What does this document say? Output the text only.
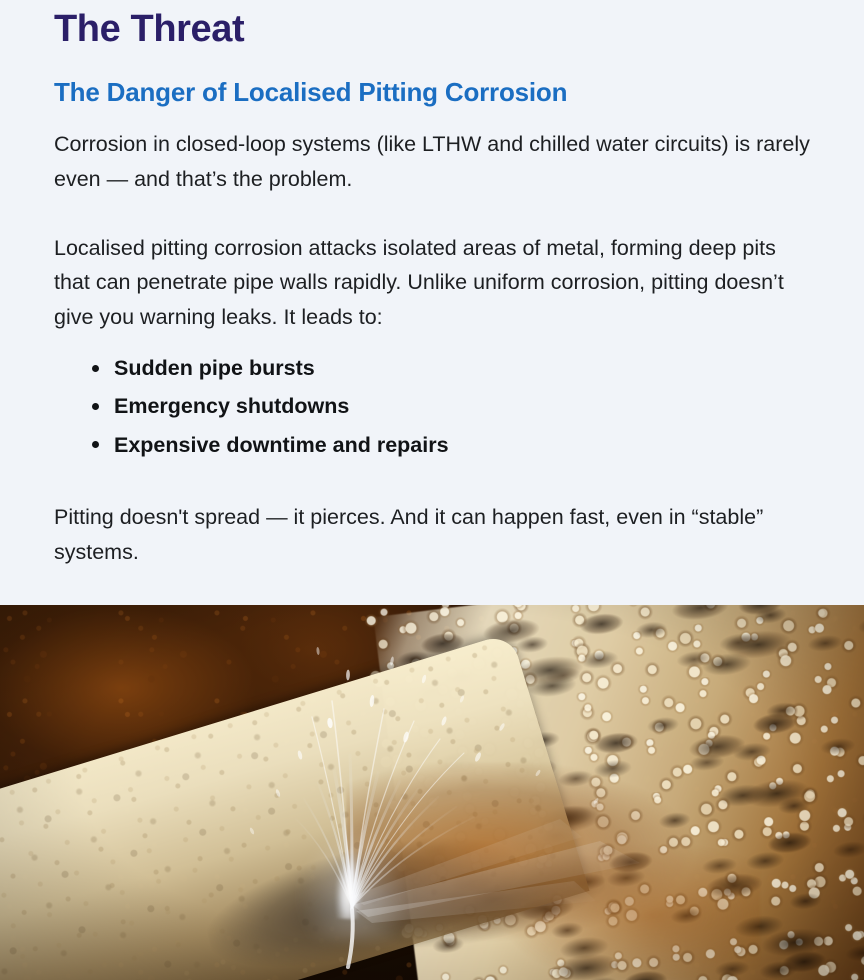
The Threat
The Danger of Localised Pitting Corrosion

Corrosion in closed-loop systems (like LTHW and chilled water circuits) is rarely even — and that’s the problem.

Localised pitting corrosion attacks isolated areas of metal, forming deep pits that can penetrate pipe walls rapidly. Unlike uniform corrosion, pitting doesn’t give you warning leaks. It leads to:

Sudden pipe bursts
Emergency shutdowns
Expensive downtime and repairs

Pitting doesn't spread — it pierces. And it can happen fast, even in “stable” systems.
